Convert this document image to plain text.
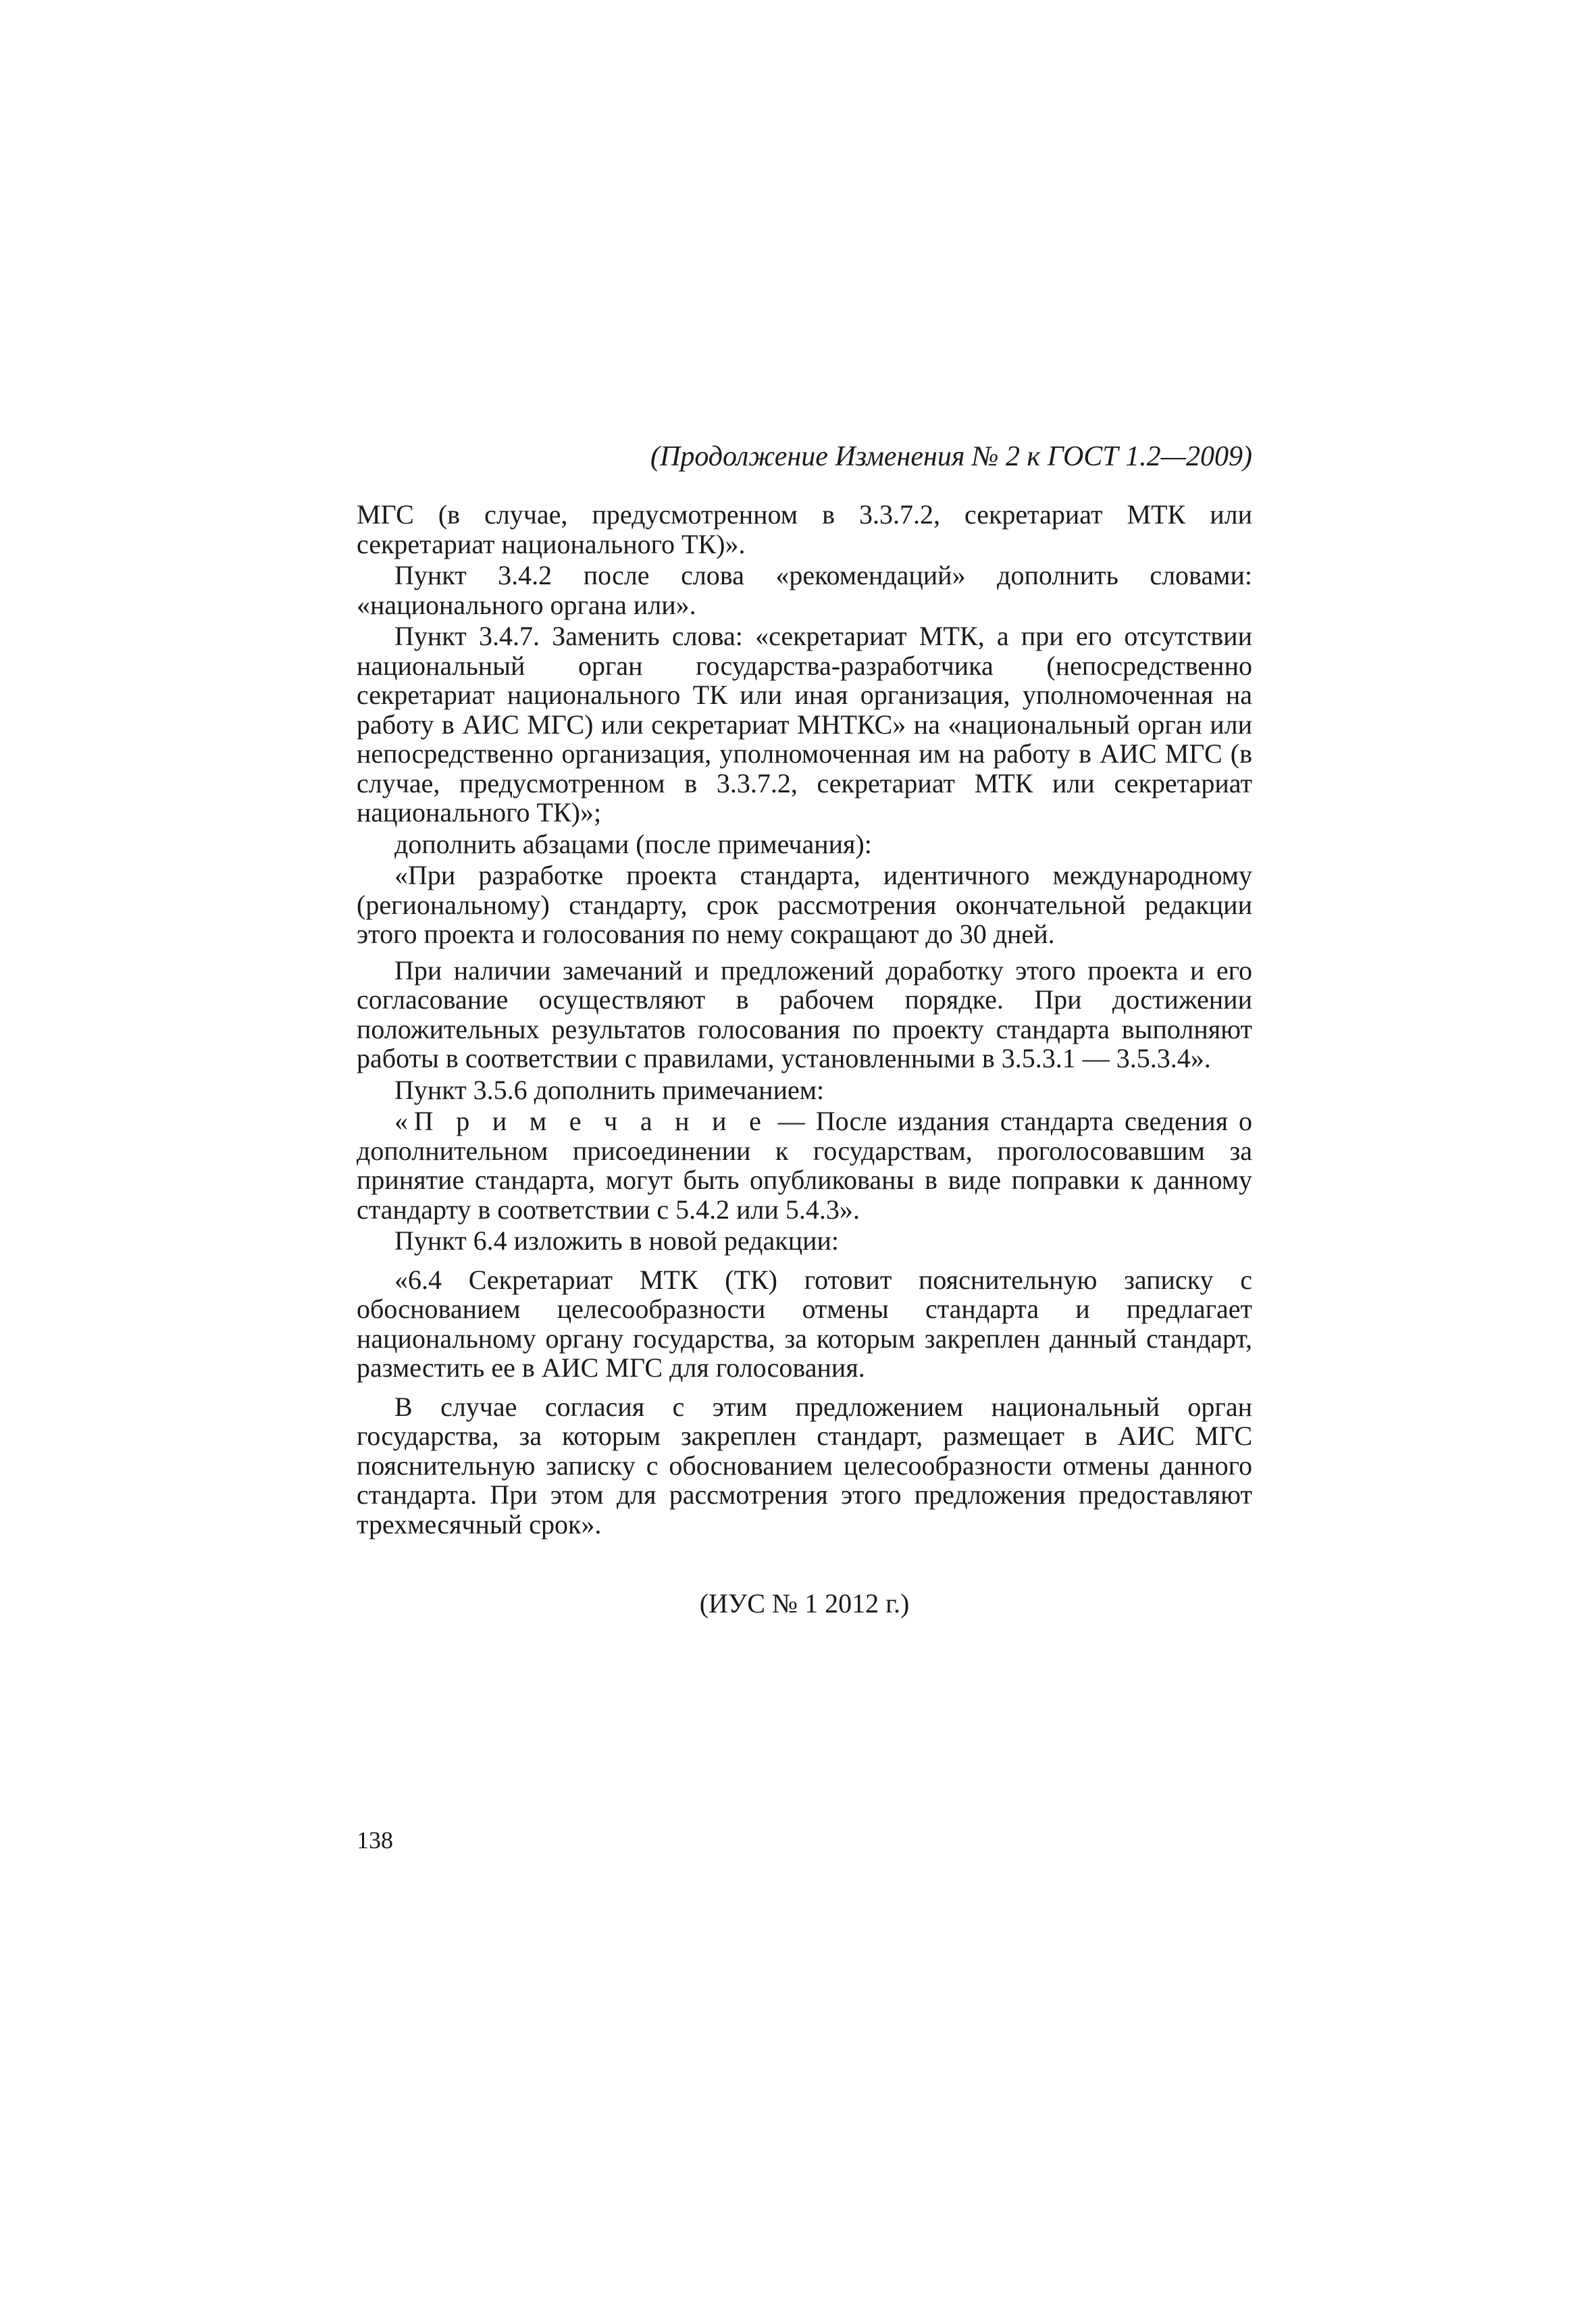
(Продолжение Изменения № 2 к ГОСТ 1.2—2009)

МГС (в случае, предусмотренном в 3.3.7.2, секретариат МТК или секретариат национального ТК)».

Пункт 3.4.2 после слова «рекомендаций» дополнить словами: «национального органа или».

Пункт 3.4.7. Заменить слова: «секретариат МТК, а при его отсутствии национальный орган государства-разработчика (непосредственно секретариат национального ТК или иная организация, уполномоченная на работу в АИС МГС) или секретариат МНТКС» на «национальный орган или непосредственно организация, уполномоченная им на работу в АИС МГС (в случае, предусмотренном в 3.3.7.2, секретариат МТК или секретариат национального ТК)»;

дополнить абзацами (после примечания):

«При разработке проекта стандарта, идентичного международному (региональному) стандарту, срок рассмотрения окончательной редакции этого проекта и голосования по нему сокращают до 30 дней.

При наличии замечаний и предложений доработку этого проекта и его согласование осуществляют в рабочем порядке. При достижении положительных результатов голосования по проекту стандарта выполняют работы в соответствии с правилами, установленными в 3.5.3.1 — 3.5.3.4».

Пункт 3.5.6 дополнить примечанием:

«П р и м е ч а н и е — После издания стандарта сведения о дополнительном присоединении к государствам, проголосовавшим за принятие стандарта, могут быть опубликованы в виде поправки к данному стандарту в соответствии с 5.4.2 или 5.4.3».

Пункт 6.4 изложить в новой редакции:

«6.4 Секретариат МТК (ТК) готовит пояснительную записку с обоснованием целесообразности отмены стандарта и предлагает национальному органу государства, за которым закреплен данный стандарт, разместить ее в АИС МГС для голосования.

В случае согласия с этим предложением национальный орган государства, за которым закреплен стандарт, размещает в АИС МГС пояснительную записку с обоснованием целесообразности отмены данного стандарта. При этом для рассмотрения этого предложения предоставляют трехмесячный срок».

(ИУС № 1 2012 г.)
138
